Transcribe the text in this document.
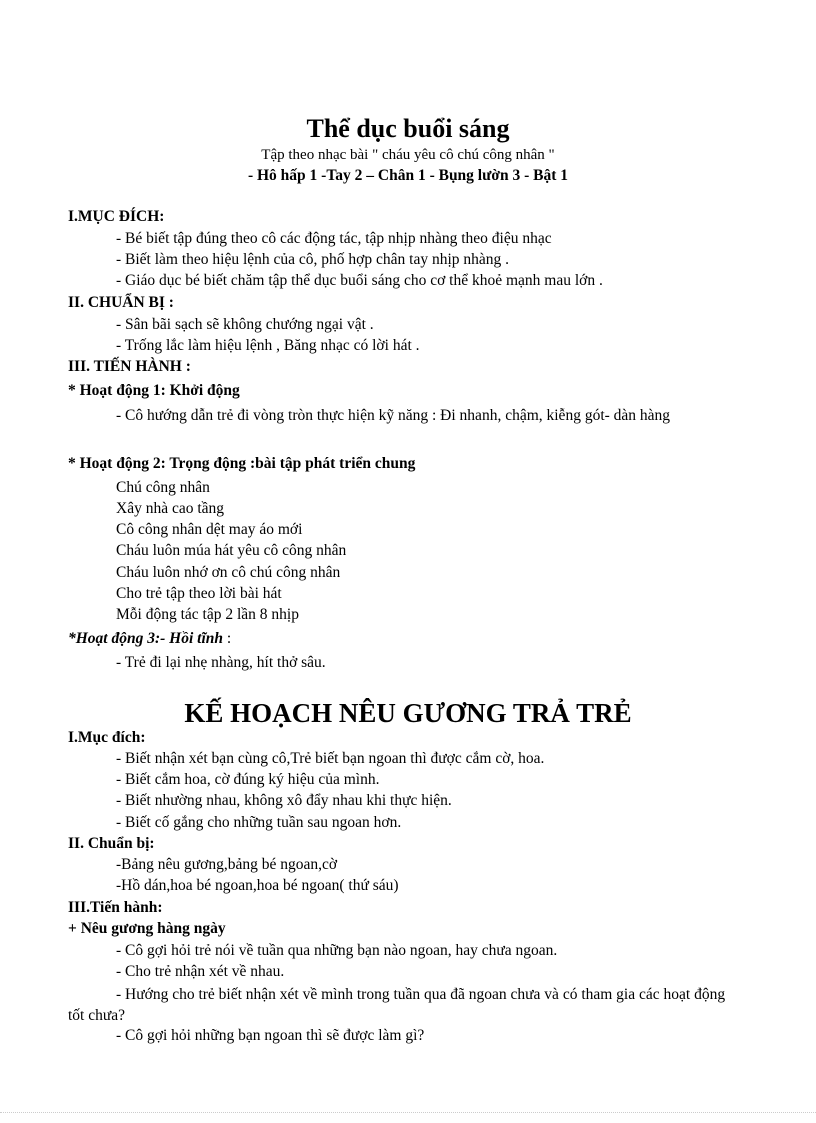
Thể dục buổi sáng
Tập theo nhạc bài " cháu yêu cô chú công nhân "
- Hô hấp 1 -Tay 2 – Chân 1 - Bụng lườn 3 - Bật 1
I.MỤC ĐÍCH:
- Bé biết tập đúng theo cô các động tác, tập nhịp nhàng theo điệu nhạc
- Biết làm theo hiệu lệnh của cô, phố hợp chân tay nhịp nhàng .
- Giáo dục bé biết chăm tập thể dục buổi sáng cho cơ thể khoẻ mạnh mau lớn .
II. CHUẨN BỊ :
- Sân bãi sạch sẽ không chướng ngại vật .
- Trống lắc làm hiệu lệnh , Băng nhạc có lời hát .
III. TIẾN HÀNH :
* Hoạt động 1: Khởi động
- Cô hướng dẫn trẻ đi vòng tròn thực hiện kỹ năng : Đi nhanh, chậm, kiễng gót- dàn hàng
* Hoạt động 2: Trọng động :bài tập phát triển chung
Chú công nhân
Xây nhà cao tầng
Cô công nhân dệt may áo mới
Cháu luôn múa hát yêu cô công nhân
Cháu luôn nhớ ơn cô chú công nhân
Cho trẻ tập theo lời bài hát
Mỗi động tác tập 2 lần 8 nhịp
*Hoạt động 3:- Hồi tĩnh :
- Trẻ đi lại nhẹ nhàng, hít thở sâu.
KẾ HOẠCH NÊU GƯƠNG TRẢ TRẺ
I.Mục đích:
- Biết nhận xét bạn cùng cô,Trẻ biết bạn ngoan thì được cắm cờ, hoa.
- Biết cắm hoa, cờ đúng ký hiệu của mình.
- Biết nhường nhau, không xô đẩy nhau khi thực hiện.
- Biết cố gắng cho những tuần sau ngoan hơn.
II. Chuẩn bị:
-Bảng nêu gương,bảng bé ngoan,cờ
-Hồ dán,hoa bé ngoan,hoa bé ngoan( thứ sáu)
III.Tiến hành:
+ Nêu gương hàng ngày
- Cô gợi hỏi trẻ nói về tuần qua những bạn nào ngoan, hay chưa ngoan.
- Cho trẻ nhận xét về nhau.
- Hướng cho trẻ biết nhận xét về mình trong tuần qua đã ngoan chưa và có tham gia các hoạt động tốt chưa?
- Cô gợi hỏi những bạn ngoan thì sẽ được làm gì?
